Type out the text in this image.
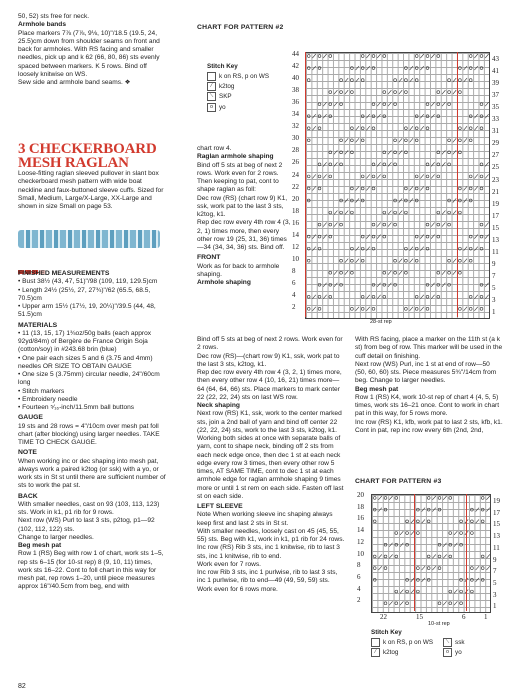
50, 52) sts free for neck.

Armhole bands

Place markers 7⅞ (7⅞, 9⅛, 10)"/18.5 (19.5, 24, 25.5)cm down from shoulder seams on front and back for armholes. With RS facing and smaller needles, pick up and k 62 (66, 80, 86) sts evenly spaced between markers. K 5 rows. Bind off loosely knitwise on WS.

Sew side and armhole band seams. ❖

3 CHECKERBOARD MESH RAGLAN

Loose-fitting raglan sleeved pullover in slant box checkerboard mesh pattern with wide boat neckline and faux-buttoned sleeve cuffs. Sized for Small, Medium, Large/X-Large, XX-Large and shown in size Small on page 53.

FINISHED MEASUREMENTS

• Bust 38½ (43, 47, 51)"/98 (109, 119, 129.5)cm

• Length 24½ (25½, 27, 27¾)"/62 (65.5, 68.5, 70.5)cm

• Upper arm 15½ (17½, 19, 20¼)"/39.5 (44, 48, 51.5)cm

MATERIALS

• 11 (13, 15, 17) 1¾oz/50g balls (each approx 92yd/84m) of Bergère de France Origin Soja (cotton/soy) in #243.68 brin (blue)

• One pair each sizes 5 and 6 (3.75 and 4mm) needles OR SIZE TO OBTAIN GAUGE

• One size 5 (3.75mm) circular needle, 24"/60cm long

• Stitch markers

• Embroidery needle

• Fourteen ⁵⁄₁₆-inch/11.5mm ball buttons

GAUGE

19 sts and 28 rows = 4"/10cm over mesh pat foll chart (after blocking) using larger needles. TAKE TIME TO CHECK GAUGE.

NOTE

When working inc or dec shaping into mesh pat, always work a paired k2tog (or ssk) with a yo, or work sts in St st until there are sufficient number of sts to work the pat st.

BACK

With smaller needles, cast on 93 (103, 113, 123) sts. Work in k1, p1 rib for 9 rows.

Next row (WS) Purl to last 3 sts, p2tog, p1—92 (102, 112, 122) sts.

Change to larger needles.

Beg mesh pat

Row 1 (RS) Beg with row 1 of chart, work sts 1–5, rep sts 6–15 (for 10-st rep) 8 (9, 10, 11) times, work sts 16–22. Cont to foll chart in this way for mesh pat, rep rows 1–20, until piece measures approx 16"/40.5cm from beg, end with

CHART FOR PATTERN #2
Stitch Key
k on RS, p on WS
⁄ k2tog
⟍ SKP
o yo
44
42
40
38
36
34
32
30
28
26
24
22
20
18
16
14
12
10
8
6
4
2
43
41
39
37
35
33
31
29
27
25
23
21
19
17
15
13
11
9
7
5
3
1
28-st rep

chart row 4.

Raglan armhole shaping

Bind off 5 sts at beg of next 2 rows. Work even for 2 rows. Then keeping to pat, cont to shape raglan as foll:

Dec row (RS) (chart row 9) K1, ssk, work pat to the last 3 sts, k2tog, k1.

Rep dec row every 4th row 4 (3, 2, 1) times more, then every other row 19 (25, 31, 36) times—34 (34, 34, 36) sts. Bind off.

FRONT

Work as for back to armhole shaping.

Armhole shaping

Bind off 5 sts at beg of next 2 rows. Work even for 2 rows.

Dec row (RS)—(chart row 9) K1, ssk, work pat to the last 3 sts, k2tog, k1.

Rep dec row every 4th row 4 (3, 2, 1) times more, then every other row 4 (10, 16, 21) times more—64 (64, 64, 66) sts. Place markers to mark center 22 (22, 22, 24) sts on last WS row.

Neck shaping

Next row (RS) K1, ssk, work to the center marked sts, join a 2nd ball of yarn and bind off center 22 (22, 22, 24) sts, work to the last 3 sts, k2tog, k1. Working both sides at once with separate balls of yarn, cont to shape neck, binding off 2 sts from each neck edge once, then dec 1 st at each neck edge every row 3 times, then every other row 5 times, AT SAME TIME, cont to dec 1 st at each armhole edge for raglan armhole shaping 9 times more or until 1 st rem on each side. Fasten off last st on each side.

LEFT SLEEVE

Note When working sleeve inc shaping always keep first and last 2 sts in St st.

With smaller needles, loosely cast on 45 (45, 55, 55) sts. Beg with k1, work in k1, p1 rib for 24 rows.

Inc row (RS) Rib 3 sts, inc 1 knitwise, rib to last 3 sts, inc 1 knitwise, rib to end.

Work even for 7 rows.

Inc row Rib 3 sts, inc 1 purlwise, rib to last 3 sts, inc 1 purlwise, rib to end—49 (49, 59, 59) sts.

Work even for 6 rows more.

With RS facing, place a marker on the 11th st (a k st) from beg of row. This marker will be used in the cuff detail on finishing.

Next row (WS) Purl, inc 1 st at end of row—50 (50, 60, 60) sts. Piece measures 5¾"/14cm from beg. Change to larger needles.

Beg mesh pat

Row 1 (RS) K4, work 10-st rep of chart 4 (4, 5, 5) times, work sts 16–21 once. Cont to work in chart pat in this way, for 5 rows more.

Inc row (RS) K1, kfb, work pat to last 2 sts, kfb, k1.

Cont in pat, rep inc row every 6th (2nd, 2nd,

CHART FOR PATTERN #3
20
18
16
14
12
10
8
6
4
2
19
17
15
13
11
9
7
5
3
1
22	15	6	1
10-st rep
Stitch Key
k on RS, p on WS
⁄ k2tog
⟍ ssk
o yo
82
